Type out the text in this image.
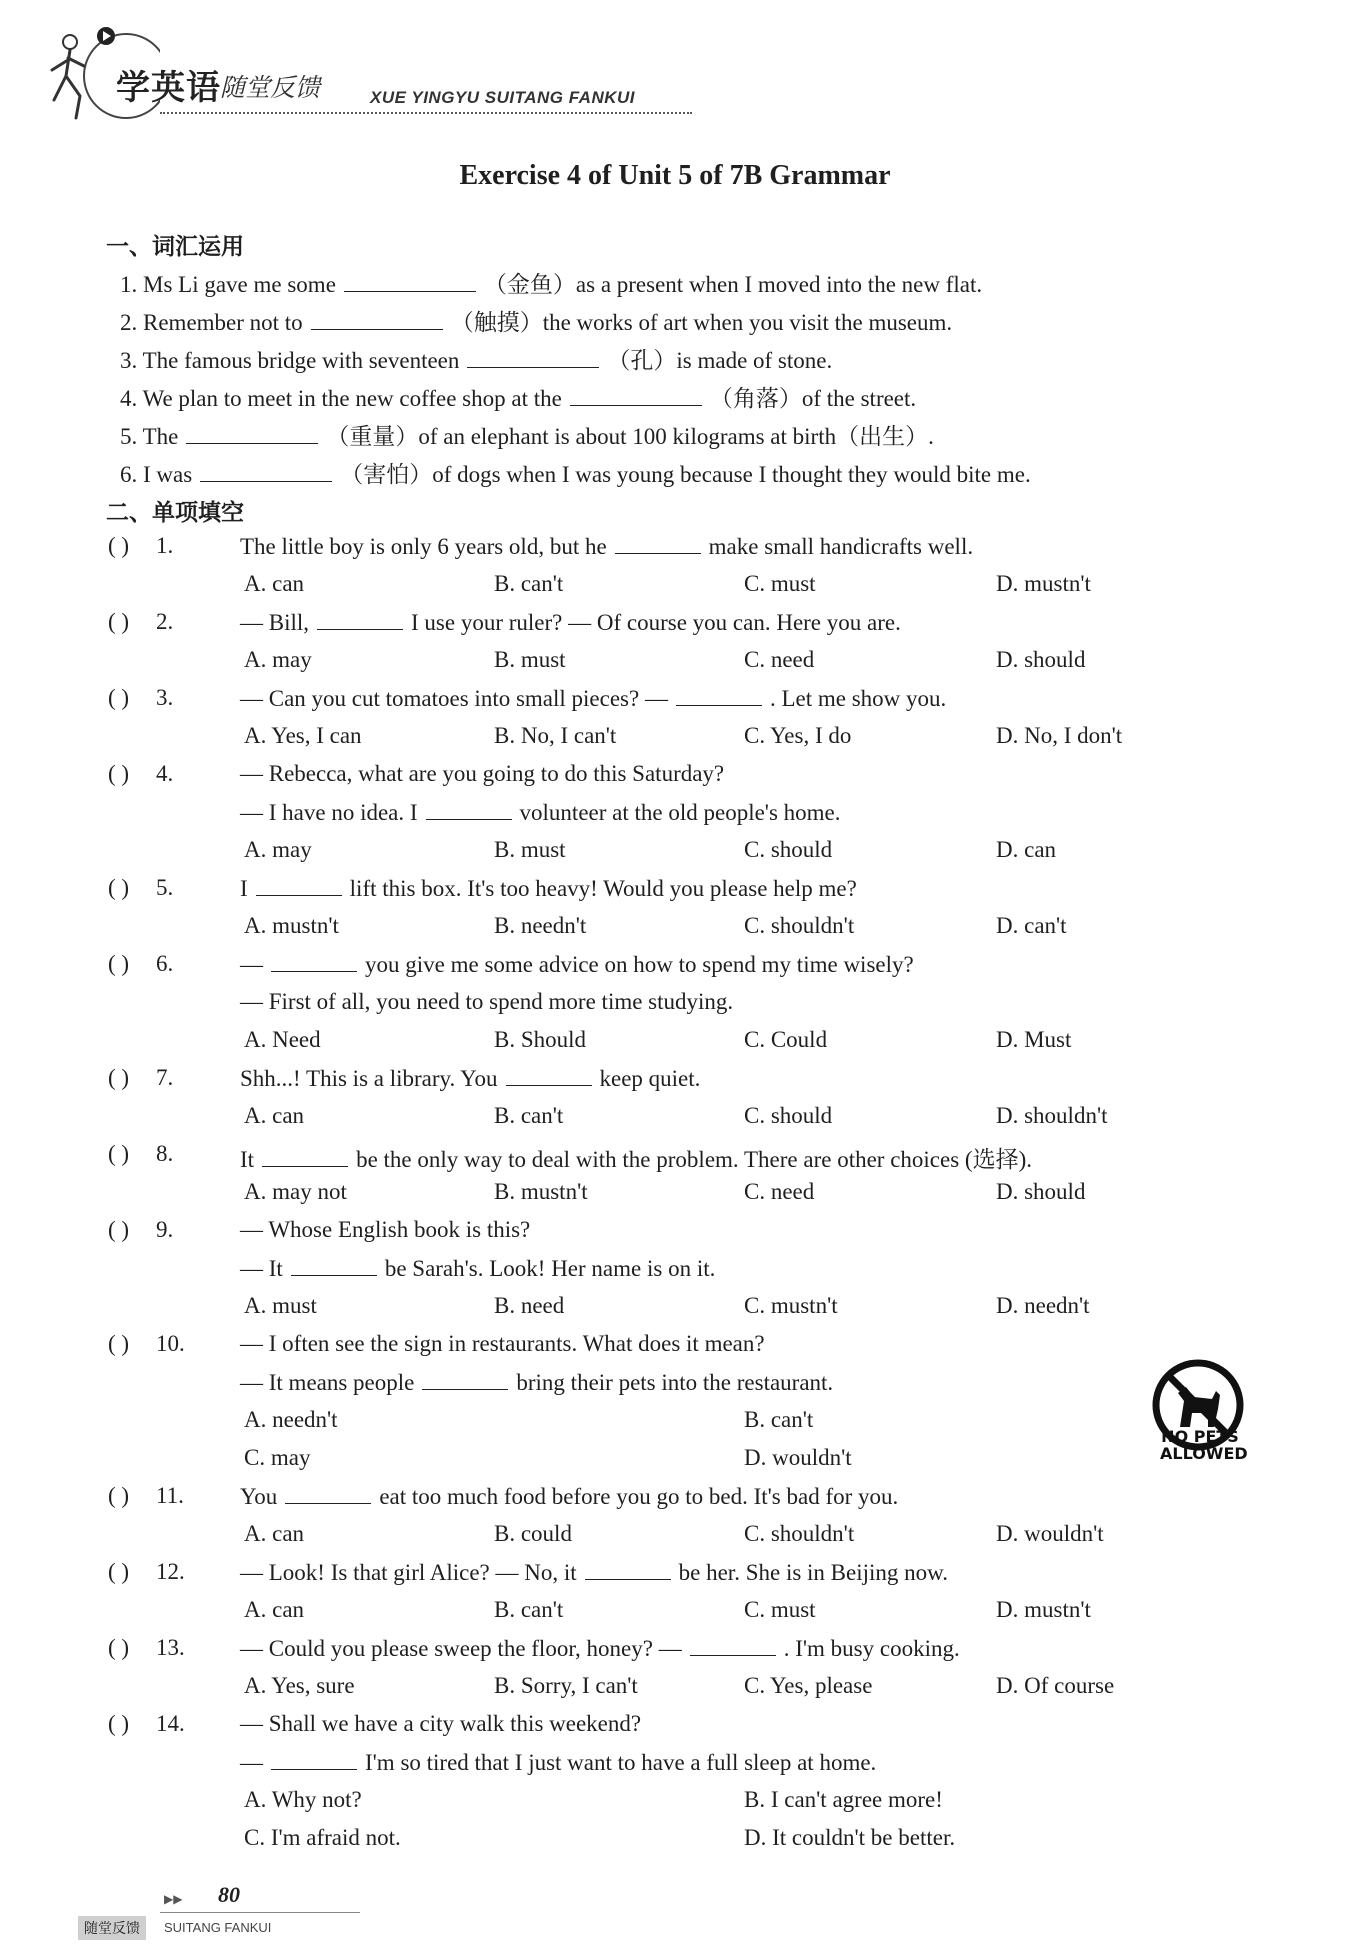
学英语 随堂反馈	XUE YINGYU SUITANG FANKUI
Exercise 4 of Unit 5 of 7B Grammar
一、词汇运用
1. Ms Li gave me some	（金鱼）as a present when I moved into the new flat.
2. Remember not to	（触摸）the works of art when you visit the museum.
3. The famous bridge with seventeen	（孔）is made of stone.
4. We plan to meet in the new coffee shop at the	（角落）of the street.
5. The	（重量）of an elephant is about 100 kilograms at birth（出生）.
6. I was	（害怕）of dogs when I was young because I thought they would bite me.
二、单项填空
( ) 1.	The little boy is only 6 years old, but he	make small handicrafts well.
A. can	B. can't	C. must	D. mustn't
( ) 2.	— Bill,	I use your ruler? — Of course you can. Here you are.
A. may	B. must	C. need	D. should
( ) 3.	— Can you cut tomatoes into small pieces? —	. Let me show you.
A. Yes, I can	B. No, I can't	C. Yes, I do	D. No, I don't
( ) 4.	— Rebecca, what are you going to do this Saturday?
— I have no idea. I	volunteer at the old people's home.
A. may	B. must	C. should	D. can
( ) 5.	I	lift this box. It's too heavy! Would you please help me?
A. mustn't	B. needn't	C. shouldn't	D. can't
( ) 6.	—	you give me some advice on how to spend my time wisely?
— First of all, you need to spend more time studying.
A. Need	B. Should	C. Could	D. Must
( ) 7.	Shh...! This is a library. You	keep quiet.
A. can	B. can't	C. should	D. shouldn't
( ) 8.	It	be the only way to deal with the problem. There are other choices (选择).
A. may not	B. mustn't	C. need	D. should
( ) 9.	— Whose English book is this?
— It	be Sarah's. Look! Her name is on it.
A. must	B. need	C. mustn't	D. needn't
( ) 10. — I often see the sign in restaurants. What does it mean?
— It means people	bring their pets into the restaurant.
A. needn't	B. can't
C. may	D. wouldn't
NO PETS
ALLOWED
( ) 11. You	eat too much food before you go to bed. It's bad for you.
A. can	B. could	C. shouldn't	D. wouldn't
( ) 12. — Look! Is that girl Alice? — No, it	be her. She is in Beijing now.
A. can	B. can't	C. must	D. mustn't
( ) 13. — Could you please sweep the floor, honey? —	. I'm busy cooking.
A. Yes, sure	B. Sorry, I can't	C. Yes, please	D. Of course
( ) 14. — Shall we have a city walk this weekend?
—	I'm so tired that I just want to have a full sleep at home.
A. Why not?	B. I can't agree more!
C. I'm afraid not.	D. It couldn't be better.
▶▶ 80
随堂反馈	SUITANG FANKUI
